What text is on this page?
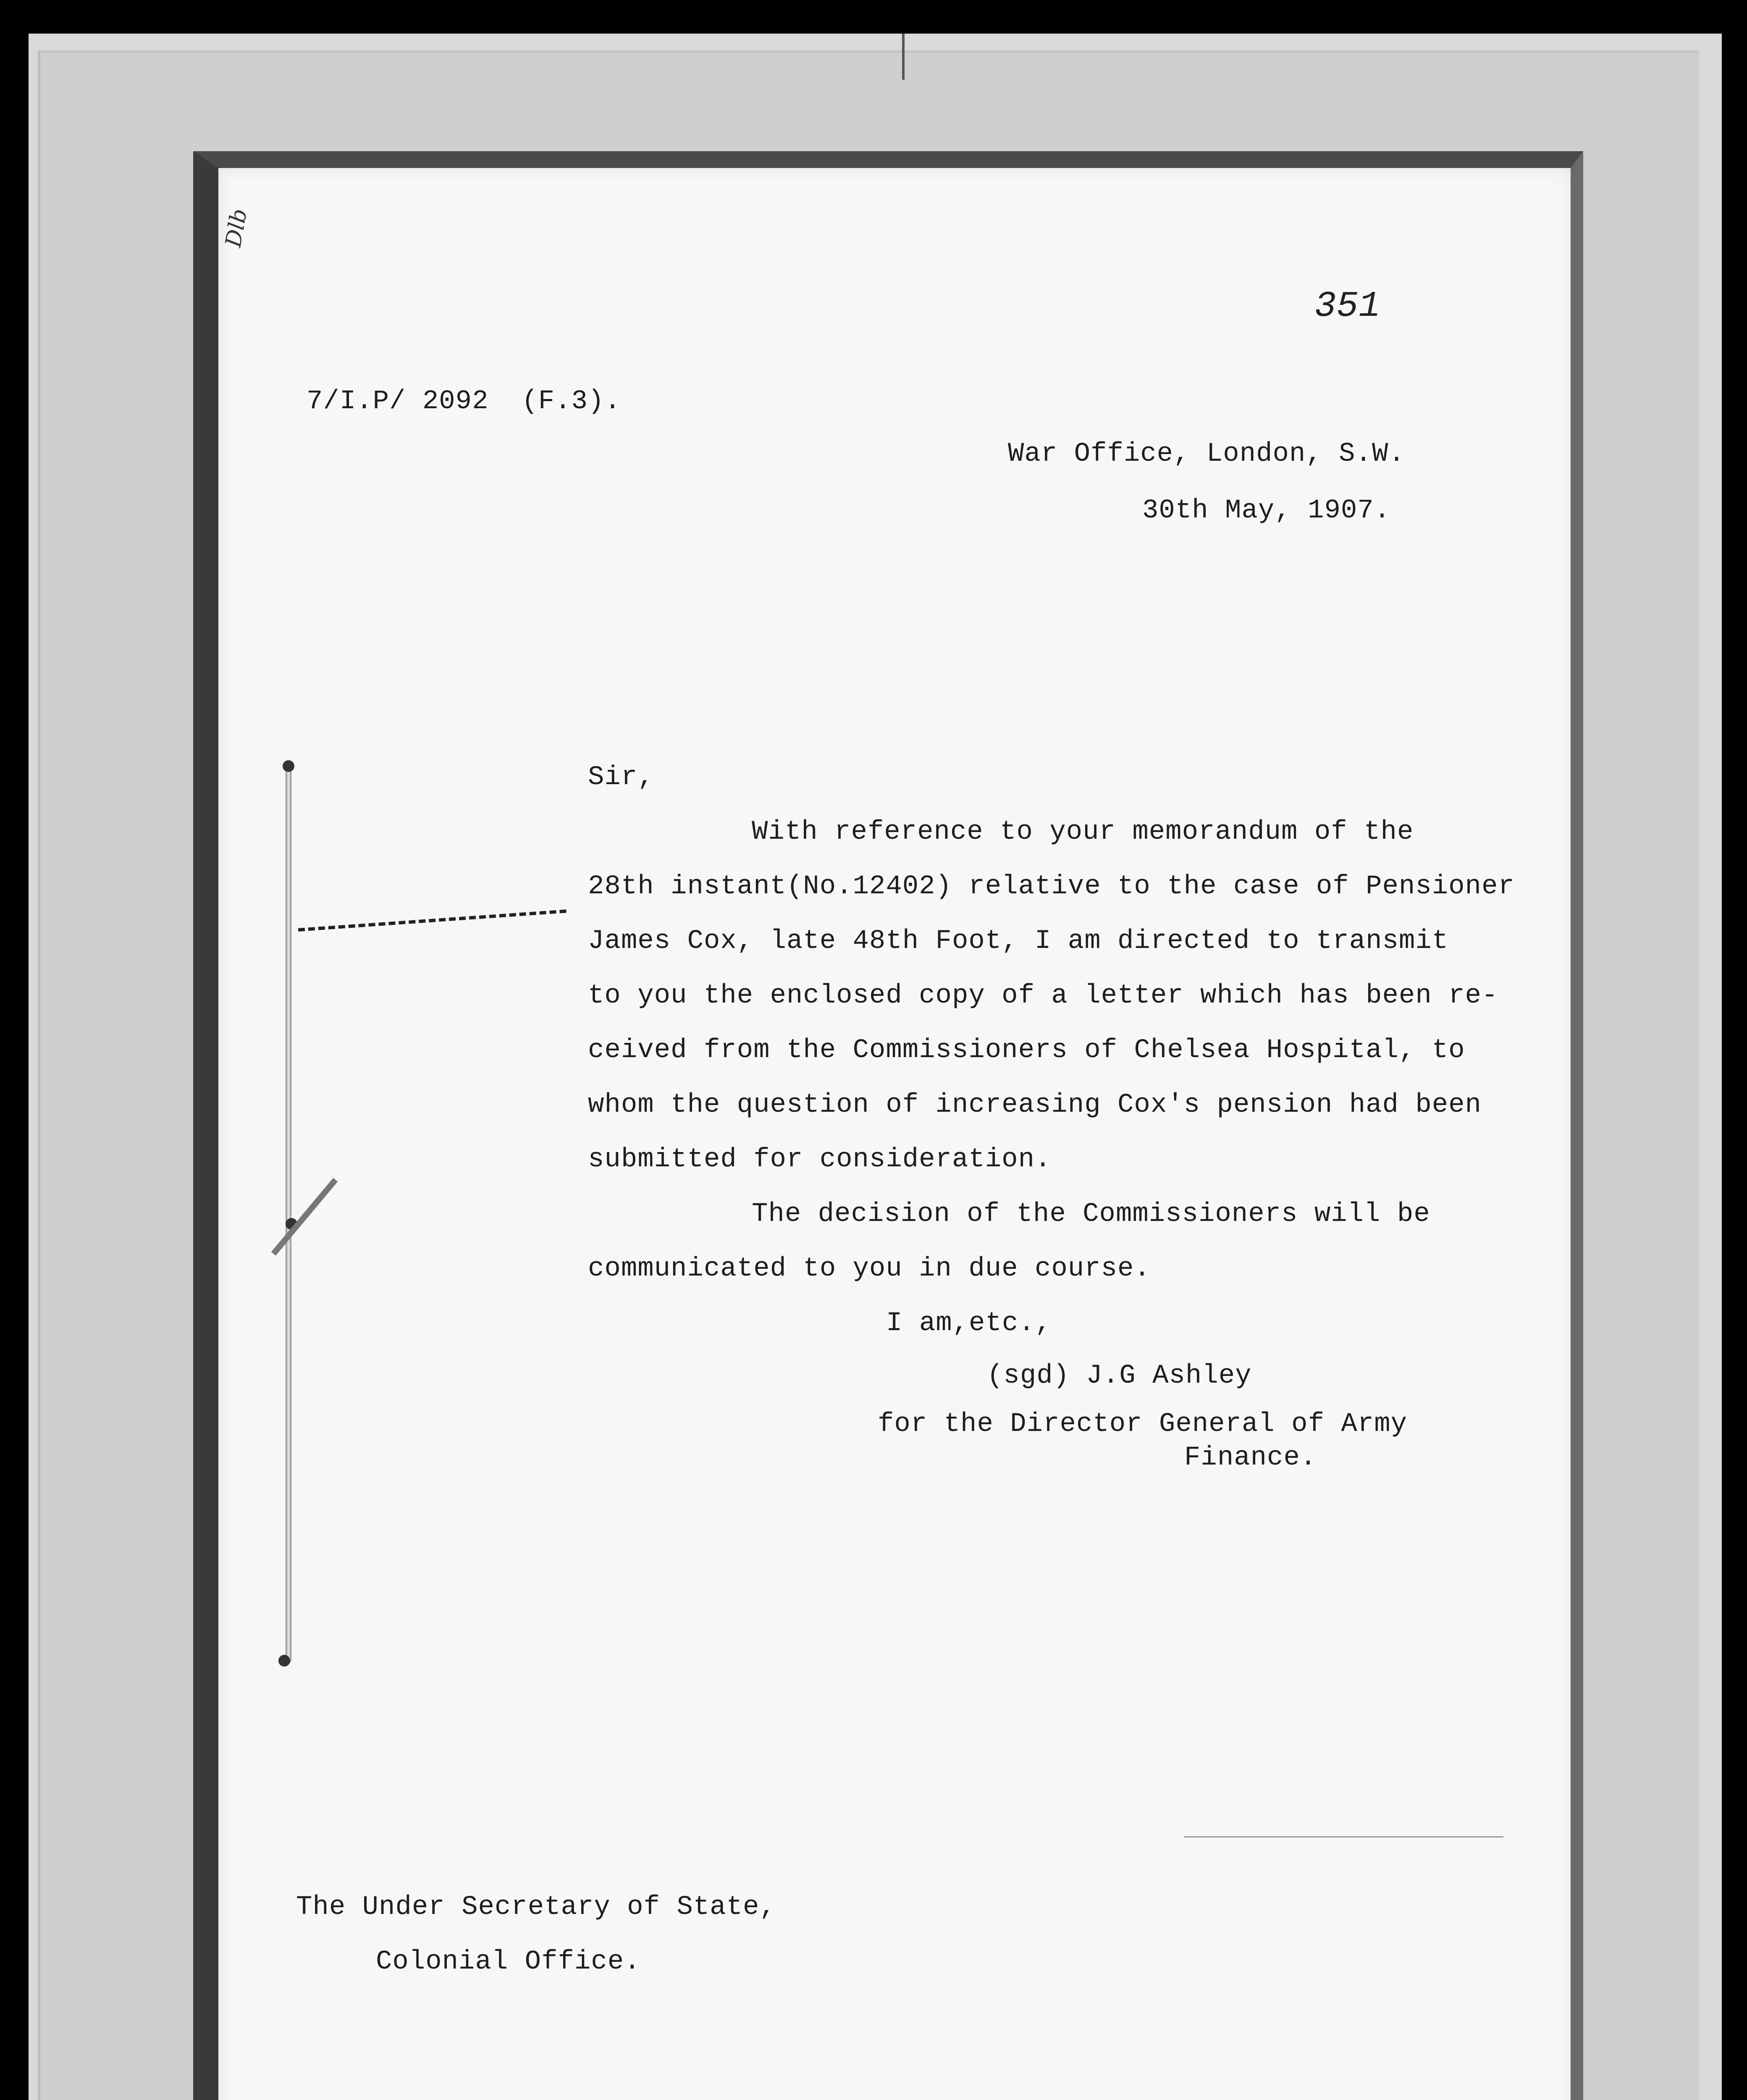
Dlb
351
7/I.P/ 2092  (F.3).
War Office, London, S.W.
30th May, 1907.
Sir,
With reference to your memorandum of the
28th instant(No.12402) relative to the case of Pensioner
James Cox, late 48th Foot, I am directed to transmit
to you the enclosed copy of a letter which has been re-
ceived from the Commissioners of Chelsea Hospital, to
whom the question of increasing Cox's pension had been
submitted for consideration.
The decision of the Commissioners will be
communicated to you in due course.
I am,etc.,
(sgd) J.G Ashley
for the Director General of Army
Finance.
The Under Secretary of State,
Colonial Office.
